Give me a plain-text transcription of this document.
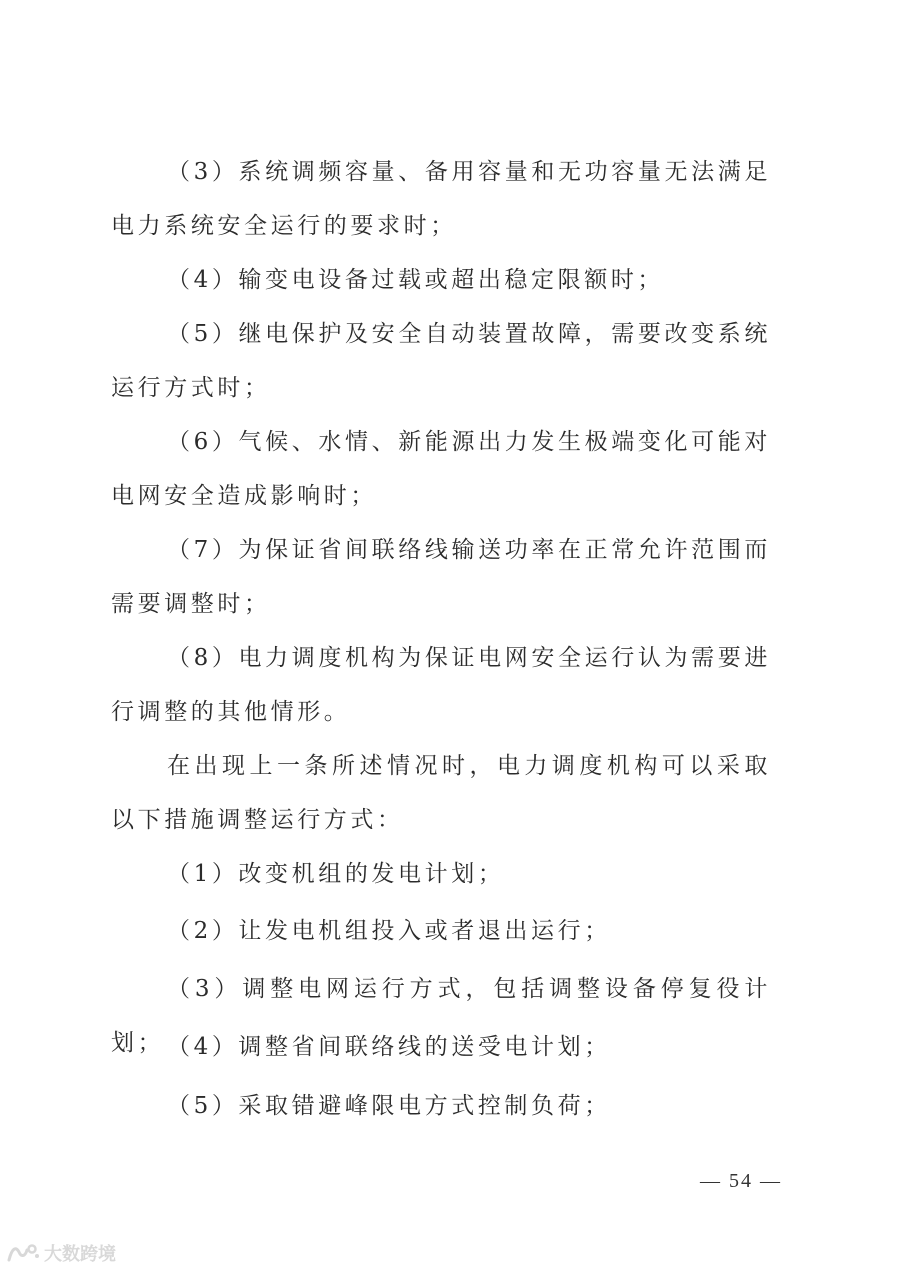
（3）系统调频容量、备用容量和无功容量无法满足电力系统安全运行的要求时；

（4）输变电设备过载或超出稳定限额时；

（5）继电保护及安全自动装置故障，需要改变系统运行方式时；

（6）气候、水情、新能源出力发生极端变化可能对电网安全造成影响时；

（7）为保证省间联络线输送功率在正常允许范围而需要调整时；

（8）电力调度机构为保证电网安全运行认为需要进行调整的其他情形。

在出现上一条所述情况时，电力调度机构可以采取以下措施调整运行方式：

（1）改变机组的发电计划；

（2）让发电机组投入或者退出运行；

（3）调整电网运行方式，包括调整设备停复役计划； （4）调整省间联络线的送受电计划；

（5）采取错避峰限电方式控制负荷；

— 54 —
大数跨境
